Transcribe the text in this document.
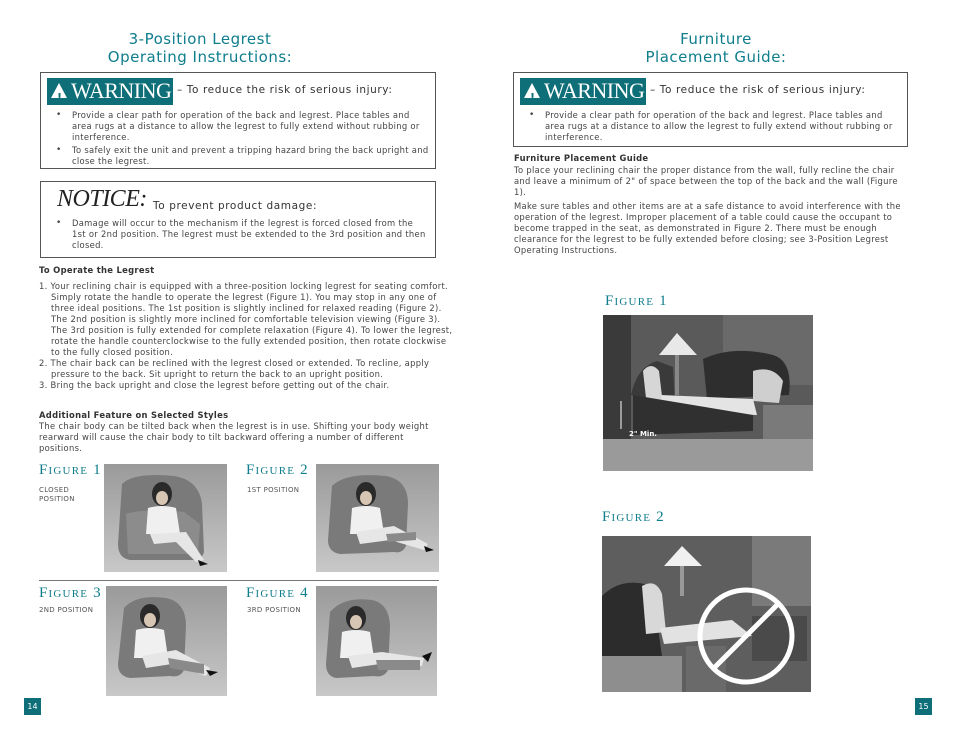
3-Position Legrest
Operating Instructions:
!WARNING – To reduce the risk of serious injury:
• Provide a clear path for operation of the back and legrest. Place tables and area rugs at a distance to allow the legrest to fully extend without rubbing or interference.
• To safely exit the unit and prevent a tripping hazard bring the back upright and close the legrest.
NOTICE: To prevent product damage:
• Damage will occur to the mechanism if the legrest is forced closed from the 1st or 2nd position. The legrest must be extended to the 3rd position and then closed.
To Operate the Legrest
1. Your reclining chair is equipped with a three-position locking legrest for seating comfort. Simply rotate the handle to operate the legrest (Figure 1). You may stop in any one of three ideal positions. The 1st position is slightly inclined for relaxed reading (Figure 2). The 2nd position is slightly more inclined for comfortable television viewing (Figure 3). The 3rd position is fully extended for complete relaxation (Figure 4). To lower the legrest, rotate the handle counterclockwise to the fully extended position, then rotate clockwise to the fully closed position.
2. The chair back can be reclined with the legrest closed or extended. To recline, apply pressure to the back. Sit upright to return the back to an upright position.
3. Bring the back upright and close the legrest before getting out of the chair.
Additional Feature on Selected Styles

The chair body can be tilted back when the legrest is in use. Shifting your body weight rearward will cause the chair body to tilt backward offering a number of different positions.

Figure 1
CLOSED POSITION
Figure 2
1ST POSITION
Figure 3
2ND POSITION
Figure 4
3RD POSITION
14
Furniture
Placement Guide:
!WARNING – To reduce the risk of serious injury:
• Provide a clear path for operation of the back and legrest. Place tables and area rugs at a distance to allow the legrest to fully extend without rubbing or interference.
Furniture Placement Guide

To place your reclining chair the proper distance from the wall, fully recline the chair and leave a minimum of 2" of space between the top of the back and the wall (Figure 1).

Make sure tables and other items are at a safe distance to avoid interference with the operation of the legrest. Improper placement of a table could cause the occupant to become trapped in the seat, as demonstrated in Figure 2. There must be enough clearance for the legrest to be fully extended before closing; see 3-Position Legrest Operating Instructions.

Figure 1
2" Min.
Figure 2
15
